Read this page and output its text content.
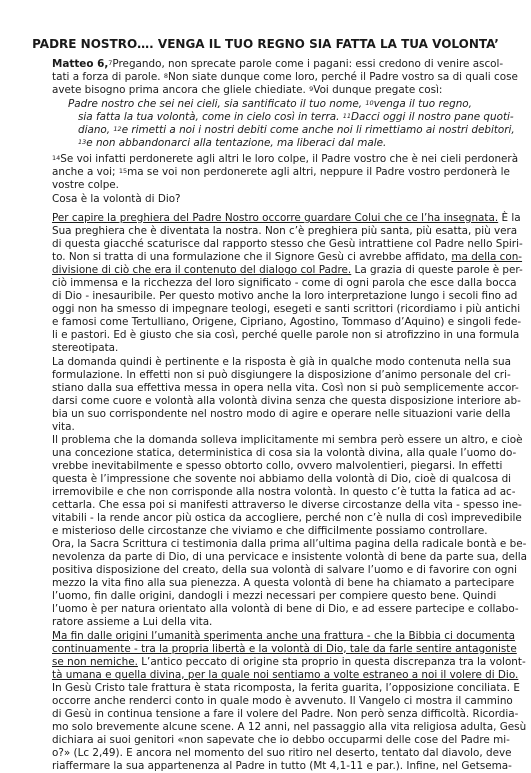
PADRE NOSTRO…. VENGA IL TUO REGNO SIA FATTA LA TUA VOLONTA’
Matteo 6,$^7$Pregando, non sprecate parole come i pagani: essi credono di venire ascol-
tati a forza di parole. $^8$Non siate dunque come loro, perché il Padre vostro sa di quali cose
avete bisogno prima ancora che gliele chiediate. $^9$Voi dunque pregate così:
Padre nostro che sei nei cieli, sia santificato il tuo nome, $^{10}$venga il tuo regno,
sia fatta la tua volontà, come in cielo così in terra. $^{11}$Dacci oggi il nostro pane quoti-
diano, $^{12}$e rimetti a noi i nostri debiti come anche noi li rimettiamo ai nostri debitori,
$^{13}$e non abbandonarci alla tentazione, ma liberaci dal male.
$^{14}$Se voi infatti perdonerete agli altri le loro colpe, il Padre vostro che è nei cieli perdonerà
anche a voi; $^{15}$ma se voi non perdonerete agli altri, neppure il Padre vostro perdonerà le
vostre colpe.
Cosa è la volontà di Dio?
Per capire la preghiera del Padre Nostro occorre guardare Colui che ce l’ha insegnata. È la
Sua preghiera che è diventata la nostra. Non c’è preghiera più santa, più esatta, più vera
di questa giacché scaturisce dal rapporto stesso che Gesù intrattiene col Padre nello Spiri-
to. Non si tratta di una formulazione che il Signore Gesù ci avrebbe affidato, ma della con-
divisione di ciò che era il contenuto del dialogo col Padre. La grazia di queste parole è per-
ciò immensa e la ricchezza del loro significato - come di ogni parola che esce dalla bocca
di Dio - inesauribile. Per questo motivo anche la loro interpretazione lungo i secoli fino ad
oggi non ha smesso di impegnare teologi, esegeti e santi scrittori (ricordiamo i più antichi
e famosi come Tertulliano, Origene, Cipriano, Agostino, Tommaso d’Aquino) e singoli fede-
li e pastori. Ed è giusto che sia così, perché quelle parole non si atrofizzino in una formula
stereotipata.
La domanda quindi è pertinente e la risposta è già in qualche modo contenuta nella sua
formulazione. In effetti non si può disgiungere la disposizione d’animo personale del cri-
stiano dalla sua effettiva messa in opera nella vita. Così non si può semplicemente accor-
darsi come cuore e volontà alla volontà divina senza che questa disposizione interiore ab-
bia un suo corrispondente nel nostro modo di agire e operare nelle situazioni varie della
vita.
Il problema che la domanda solleva implicitamente mi sembra però essere un altro, e cioè
una concezione statica, deterministica di cosa sia la volontà divina, alla quale l’uomo do-
vrebbe inevitabilmente e spesso obtorto collo, ovvero malvolentieri, piegarsi. In effetti
questa è l’impressione che sovente noi abbiamo della volontà di Dio, cioè di qualcosa di
irremovibile e che non corrisponde alla nostra volontà. In questo c’è tutta la fatica ad ac-
cettarla. Che essa poi si manifesti attraverso le diverse circostanze della vita - spesso ine-
vitabili - la rende ancor più ostica da accogliere, perché non c’è nulla di così imprevedibile
e misterioso delle circostanze che viviamo e che difficilmente possiamo controllare.
Ora, la Sacra Scrittura ci testimonia dalla prima all’ultima pagina della radicale bontà e be-
nevolenza da parte di Dio, di una pervicace e insistente volontà di bene da parte sua, della
positiva disposizione del creato, della sua volontà di salvare l’uomo e di favorire con ogni
mezzo la vita fino alla sua pienezza. A questa volontà di bene ha chiamato a partecipare
l’uomo, fin dalle origini, dandogli i mezzi necessari per compiere questo bene. Quindi
l’uomo è per natura orientato alla volontà di bene di Dio, e ad essere partecipe e collabo-
ratore assieme a Lui della vita.
Ma fin dalle origini l’umanità sperimenta anche una frattura - che la Bibbia ci documenta
continuamente - tra la propria libertà e la volontà di Dio, tale da farle sentire antagoniste
se non nemiche. L’antico peccato di origine sta proprio in questa discrepanza tra la volont-
tà umana e quella divina, per la quale noi sentiamo a volte estraneo a noi il volere di Dio.
In Gesù Cristo tale frattura è stata ricomposta, la ferita guarita, l’opposizione conciliata. E
occorre anche renderci conto in quale modo è avvenuto. Il Vangelo ci mostra il cammino
di Gesù in continua tensione a fare il volere del Padre. Non però senza difficoltà. Ricordia-
mo solo brevemente alcune scene. A 12 anni, nel passaggio alla vita religiosa adulta, Gesù
dichiara ai suoi genitori «non sapevate che io debbo occuparmi delle cose del Padre mi-
o?» (Lc 2,49). E ancora nel momento del suo ritiro nel deserto, tentato dal diavolo, deve
riaffermare la sua appartenenza al Padre in tutto (Mt 4,1-11 e par.). Infine, nel Getsema-
